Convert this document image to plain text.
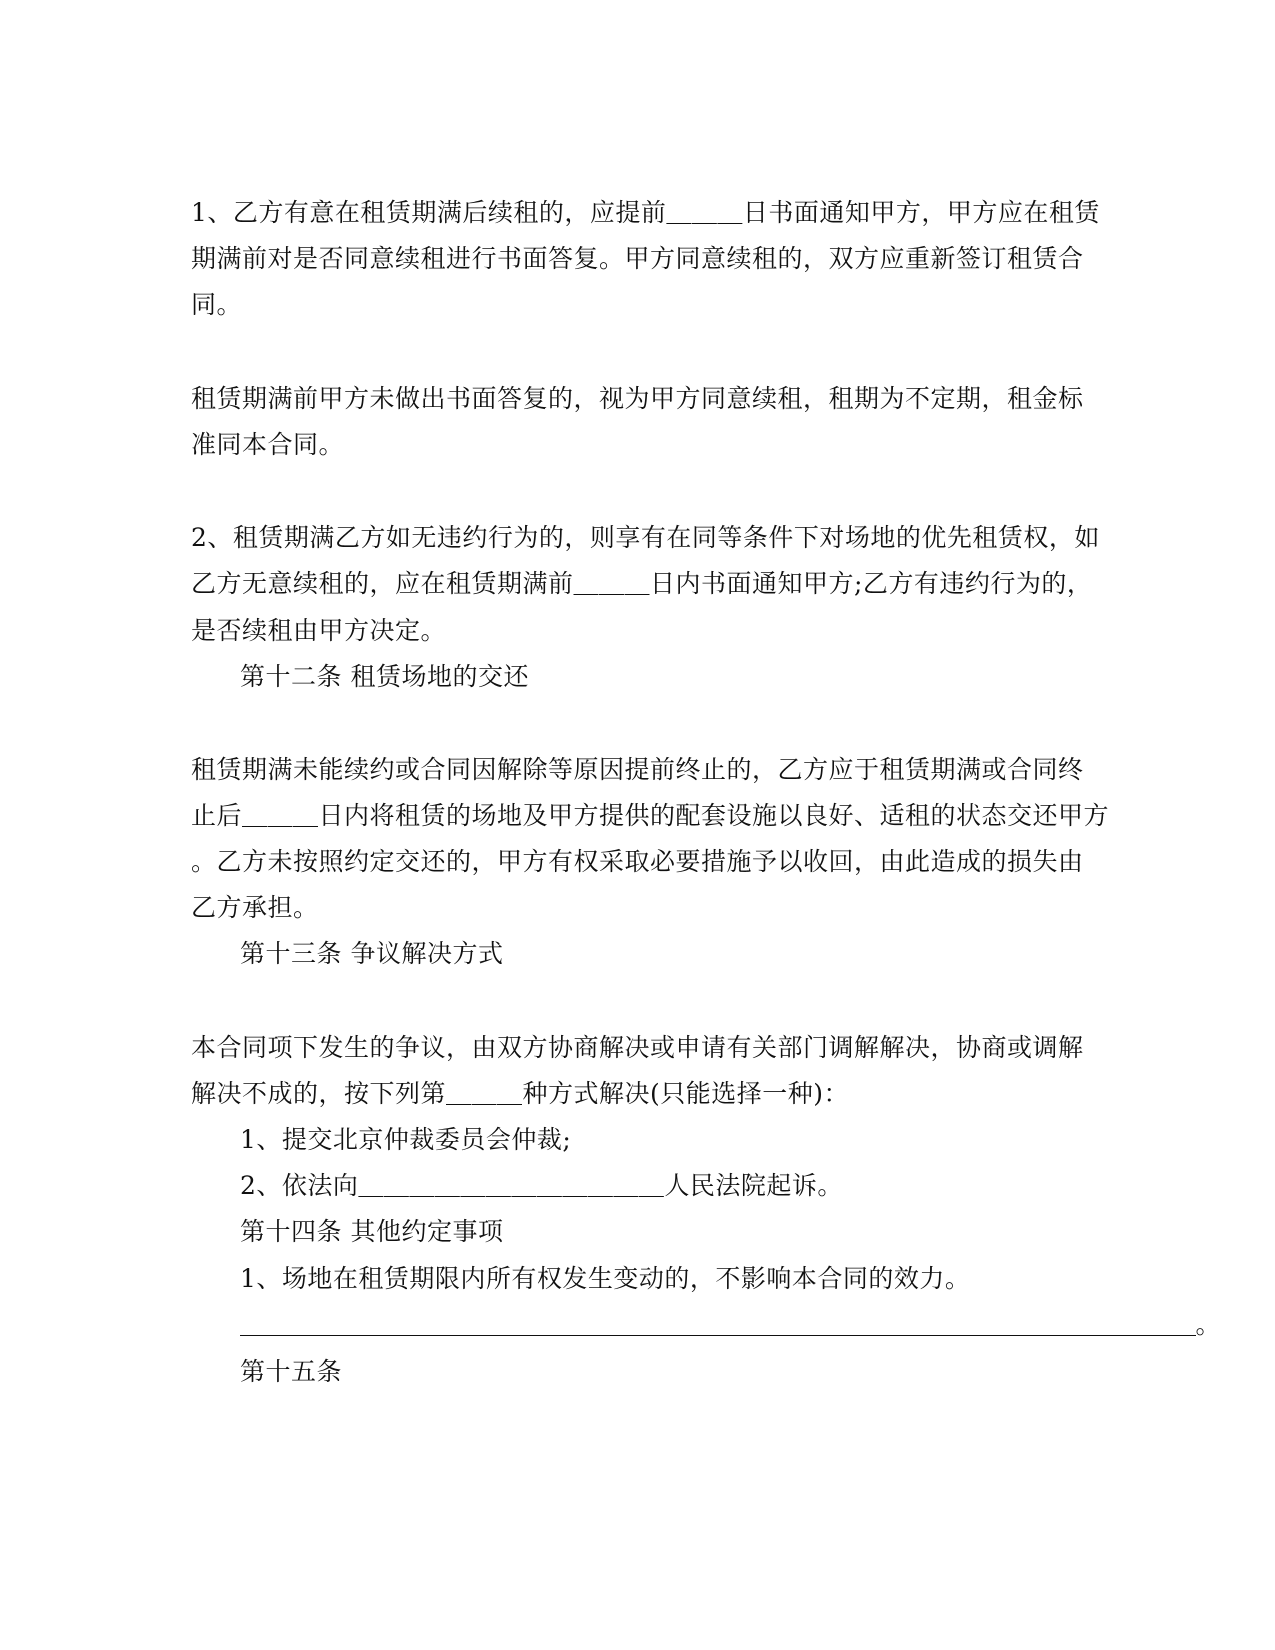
1、乙方有意在租赁期满后续租的，应提前＿＿＿日书面通知甲方，甲方应在租赁
期满前对是否同意续租进行书面答复。甲方同意续租的，双方应重新签订租赁合
同。
租赁期满前甲方未做出书面答复的，视为甲方同意续租，租期为不定期，租金标
准同本合同。
2、租赁期满乙方如无违约行为的，则享有在同等条件下对场地的优先租赁权，如
乙方无意续租的，应在租赁期满前＿＿＿日内书面通知甲方;乙方有违约行为的，
是否续租由甲方决定。
第十二条 租赁场地的交还
租赁期满未能续约或合同因解除等原因提前终止的，乙方应于租赁期满或合同终
止后＿＿＿日内将租赁的场地及甲方提供的配套设施以良好、适租的状态交还甲方
。乙方未按照约定交还的，甲方有权采取必要措施予以收回，由此造成的损失由
乙方承担。
第十三条 争议解决方式
本合同项下发生的争议，由双方协商解决或申请有关部门调解解决，协商或调解
解决不成的，按下列第＿＿＿种方式解决(只能选择一种)：
1、提交北京仲裁委员会仲裁;
2、依法向＿＿＿＿＿＿＿＿＿＿＿＿人民法院起诉。
第十四条 其他约定事项
1、场地在租赁期限内所有权发生变动的，不影响本合同的效力。
＿＿＿＿＿＿＿＿＿＿＿＿＿＿＿＿＿＿＿＿＿＿＿＿＿＿＿＿＿＿＿＿＿＿＿＿＿＿＿。
第十五条
